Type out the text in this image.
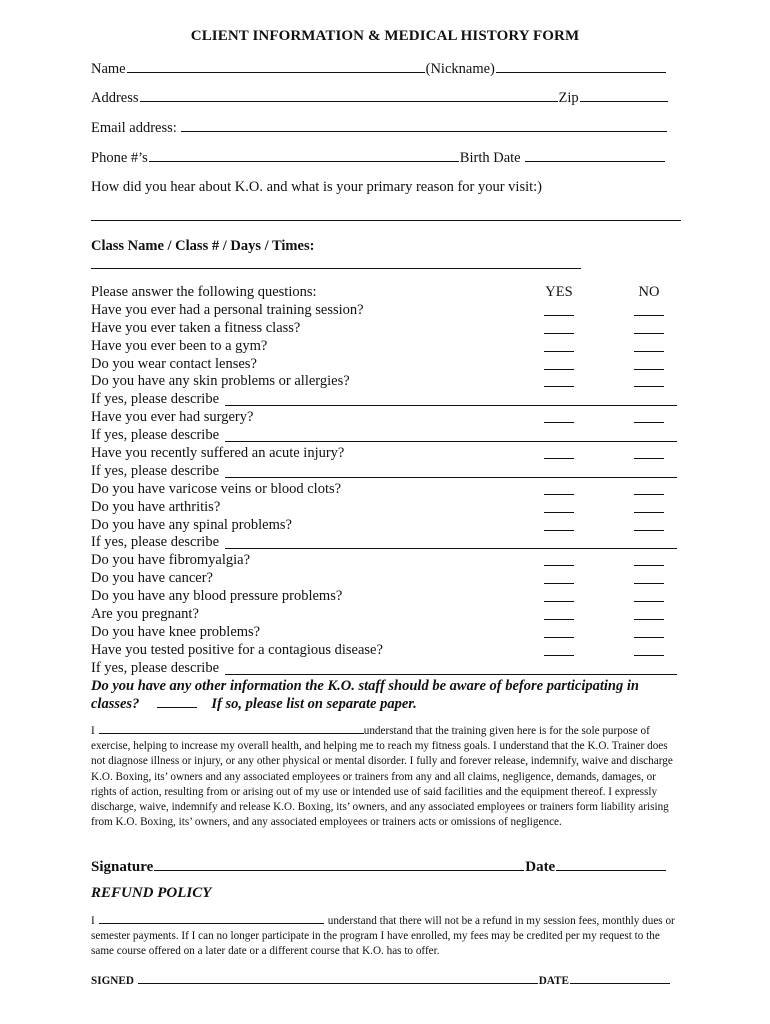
CLIENT INFORMATION & MEDICAL HISTORY FORM
Name	(Nickname)
Address	Zip
Email address:
Phone #’s	Birth Date
How did you hear about K.O. and what is your primary reason for your visit:)
Class Name / Class # / Days / Times:
Please answer the following questions:	YES	NO
Have you ever had a personal training session?
Have you ever taken a fitness class?
Have you ever been to a gym?
Do you wear contact lenses?
Do you have any skin problems or allergies?
If yes, please describe
Have you ever had surgery?
If yes, please describe
Have you recently suffered an acute injury?
If yes, please describe
Do you have varicose veins or blood clots?
Do you have arthritis?
Do you have any spinal problems?
If yes, please describe
Do you have fibromyalgia?
Do you have cancer?
Do you have any blood pressure problems?
Are you pregnant?
Do you have knee problems?
Have you tested positive for a contagious disease?
If yes, please describe
Do you have any other information the K.O. staff should be aware of before participating in classes?	If so, please list on separate paper.
I	understand that the training given here is for the sole purpose of exercise, helping to increase my overall health, and helping me to reach my fitness goals. I understand that the K.O. Trainer does not diagnose illness or injury, or any other physical or mental disorder. I fully and forever release, indemnify, waive and discharge K.O. Boxing, its’ owners and any associated employees or trainers from any and all claims, negligence, demands, damages, or rights of action, resulting from or arising out of my use or intended use of said facilities and the equipment thereof. I expressly discharge, waive, indemnify and release K.O. Boxing, its’ owners, and any associated employees or trainers form liability arising from K.O. Boxing, its’ owners, and any associated employees or trainers acts or omissions of negligence.
Signature	Date
REFUND POLICY
I	understand that there will not be a refund in my session fees, monthly dues or semester payments. If I can no longer participate in the program I have enrolled, my fees may be credited per my request to the same course offered on a later date or a different course that K.O. has to offer.
SIGNED	DATE
